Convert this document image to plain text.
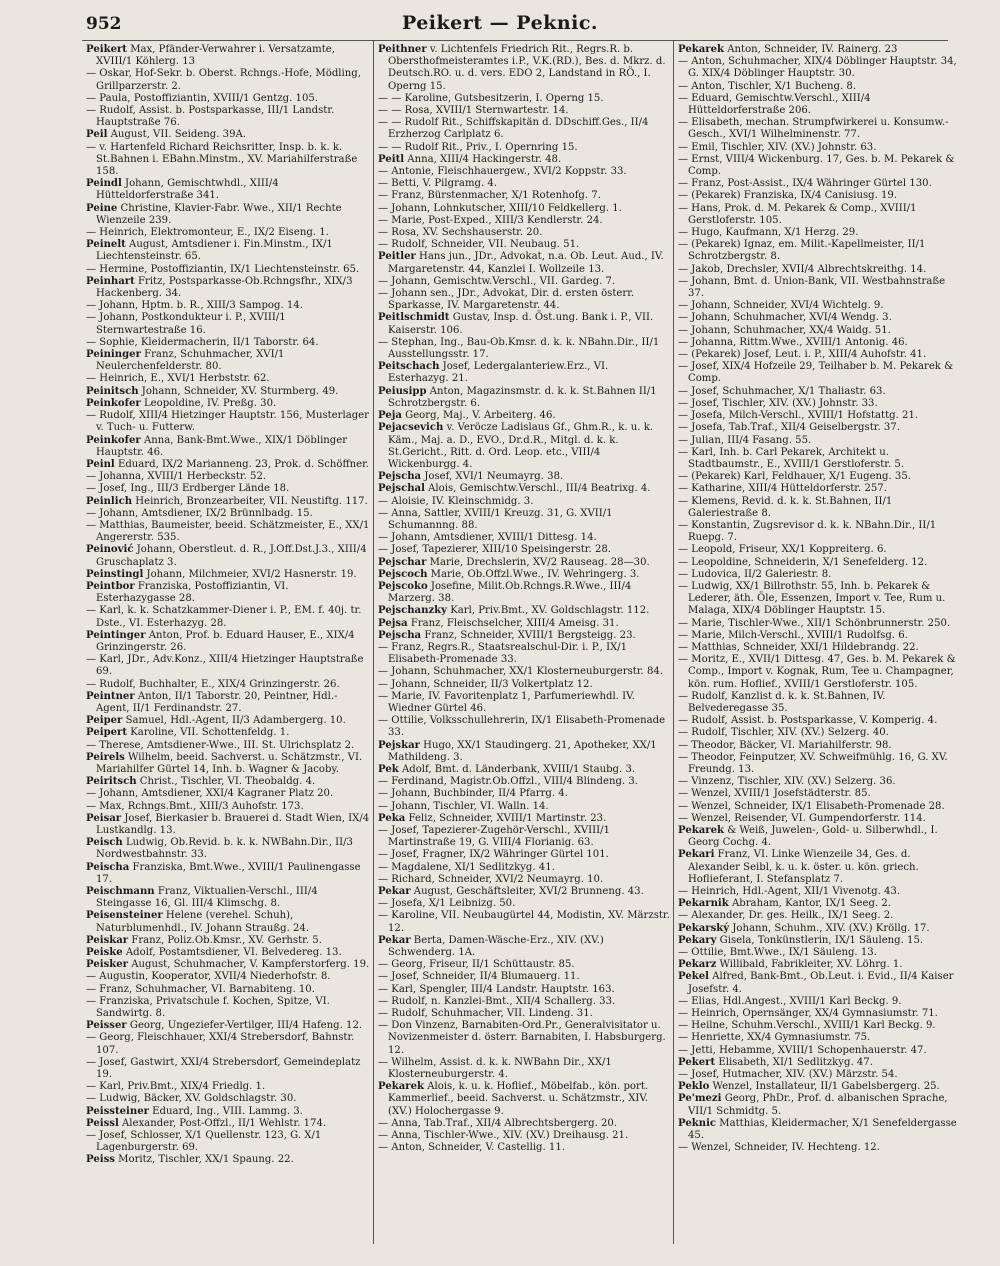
952	Peikert — Peknic.

Peikert Max, Pfänder-Verwahrer i. Versatzamte, XVIII/1 Köhlerg. 13

— Oskar, Hof-Sekr. b. Oberst. Rchngs.-Hofe, Mödling, Grillparzerstr. 2.

— Paula, Postoffiziantin, XVIII/1 Gentzg. 105.

— Rudolf, Assist. b. Postsparkasse, III/1 Landstr. Hauptstraße 76.

Peil August, VII. Seideng. 39A.

— v. Hartenfeld Richard Reichsritter, Insp. b. k. k. St.Bahnen i. EBahn.Minstm., XV. Mariahilferstraße 158.

Peindl Johann, Gemischtwhdl., XIII/4 Hütteldorferstraße 341.

Peine Christine, Klavier-Fabr. Wwe., XII/1 Rechte Wienzeile 239.

— Heinrich, Elektromonteur, E., IX/2 Eiseng. 1.

Peinelt August, Amtsdiener i. Fin.Minstm., IX/1 Liechtensteinstr. 65.

— Hermine, Postoffiziantin, IX/1 Liechtensteinstr. 65.

Peinhart Fritz, Postsparkasse-Ob.Rchngsfhr., XIX/3 Hackenberg. 34.

— Johann, Hptm. b. R., XIII/3 Sampog. 14.

— Johann, Postkondukteur i. P., XVIII/1 Sternwartestraße 16.

— Sophie, Kleidermacherin, II/1 Taborstr. 64.

Peininger Franz, Schuhmacher, XVI/1 Neulerchenfelderstr. 80.

— Heinrich, E., XVI/1 Herbststr. 62.

Peinitsch Johann, Schneider, XV. Sturmberg. 49.

Peinkofer Leopoldine, IV. Preßg. 30.

— Rudolf, XIII/4 Hietzinger Hauptstr. 156, Musterlager v. Tuch- u. Futterw.

Peinkofer Anna, Bank-Bmt.Wwe., XIX/1 Döblinger Hauptstr. 46.

Peinl Eduard, IX/2 Marianneng. 23, Prok. d. Schöffner.

— Johanna, XVIII/1 Herbeckstr. 52.

— Josef, Ing., III/3 Erdberger Lände 18.

Peinlich Heinrich, Bronzearbeiter, VII. Neustiftg. 117.

— Johann, Amtsdiener, IX/2 Brünnlbadg. 15.

— Matthias, Baumeister, beeid. Schätzmeister, E., XX/1 Angererstr. 535.

Peinović Johann, Oberstleut. d. R., J.Off.Dst.J.3., XIII/4 Gruschaplatz 3.

Peinstingl Johann, Milchmeier, XVI/2 Hasnerstr. 19.

Peintbor Franziska, Postoffiziantin, VI. Esterhazygasse 28.

— Karl, k. k. Schatzkammer-Diener i. P., EM. f. 40j. tr. Dste., VI. Esterhazyg. 28.

Peintinger Anton, Prof. b. Eduard Hauser, E., XIX/4 Grinzingerstr. 26.

— Karl, JDr., Adv.Konz., XIII/4 Hietzinger Hauptstraße 69.

— Rudolf, Buchhalter, E., XIX/4 Grinzingerstr. 26.

Peintner Anton, II/1 Taborstr. 20, Peintner, Hdl.-Agent, II/1 Ferdinandstr. 27.

Peiper Samuel, Hdl.-Agent, II/3 Adambergerg. 10.

Peipert Karoline, VII. Schottenfeldg. 1.

— Therese, Amtsdiener-Wwe., III. St. Ulrichsplatz 2.

Peirels Wilhelm, beeid. Sachverst. u. Schätzmstr., VI. Mariahilfer Gürtel 14, Inh. b. Wagner & Jacoby.

Peiritsch Christ., Tischler, VI. Theobaldg. 4.

— Johann, Amtsdiener, XXI/4 Kagraner Platz 20.

— Max, Rchngs.Bmt., XIII/3 Auhofstr. 173.

Peisar Josef, Bierkasier b. Brauerei d. Stadt Wien, IX/4 Lustkandlg. 13.

Peisch Ludwig, Ob.Revid. b. k. k. NWBahn.Dir., II/3 Nordwestbahnstr. 33.

Peischa Franziska, Bmt.Wwe., XVIII/1 Paulinengasse 17.

Peischmann Franz, Viktualien-Verschl., III/4 Steingasse 16, Gl. III/4 Klimschg. 8.

Peisensteiner Helene (verehel. Schuh), Naturblumenhdl., IV. Johann Straußg. 24.

Peiskar Franz, Poliz.Ob.Kmsr., XV. Gerhstr. 5.

Peiske Adolf, Postamtsdiener, VI. Belvedereg. 13.

Peisker August, Schuhmacher, V. Kampferstorferg. 19.

— Augustin, Kooperator, XVII/4 Niederhofstr. 8.

— Franz, Schuhmacher, VI. Barnabiteng. 10.

— Franziska, Privatschule f. Kochen, Spitze, VI. Sandwirtg. 8.

Peisser Georg, Ungeziefer-Vertilger, III/4 Hafeng. 12.

— Georg, Fleischhauer, XXI/4 Strebersdorf, Bahnstr. 107.

— Josef, Gastwirt, XXI/4 Strebersdorf, Gemeindeplatz 19.

— Karl, Priv.Bmt., XIX/4 Friedlg. 1.

— Ludwig, Bäcker, XV. Goldschlagstr. 30.

Peissteiner Eduard, Ing., VIII. Lammg. 3.

Peissl Alexander, Post-Offzl., II/1 Wehlstr. 174.

— Josef, Schlosser, X/1 Quellenstr. 123, G. X/1 Lagenburgerstr. 69.

Peiss Moritz, Tischler, XX/1 Spaung. 22.

Peithner v. Lichtenfels Friedrich Rit., Regrs.R. b. Obersthofmeisteramtes i.P., V.K.(RD.), Bes. d. Mkrz. d. Deutsch.RO. u. d. vers. EDO 2, Landstand in RÖ., I. Operng 15.

— — Karoline, Gutsbesitzerin, I. Operng 15.

— — Rosa, XVIII/1 Sternwartestr. 14.

— — Rudolf Rit., Schiffskapitän d. DDschiff.Ges., II/4 Erzherzog Carlplatz 6.

— — Rudolf Rit., Priv., I. Opernring 15.

Peitl Anna, XIII/4 Hackingerstr. 48.

— Antonie, Fleischhauergew., XVI/2 Koppstr. 33.

— Betti, V. Pilgramg. 4.

— Franz, Bürstenmacher, X/1 Rotenhofg. 7.

— Johann, Lohnkutscher, XIII/10 Feldkellerg. 1.

— Marie, Post-Exped., XIII/3 Kendlerstr. 24.

— Rosa, XV. Sechshauserstr. 20.

— Rudolf, Schneider, VII. Neubaug. 51.

Peitler Hans jun., JDr., Advokat, n.a. Ob. Leut. Aud., IV. Margaretenstr. 44, Kanzlei I. Wollzeile 13.

— Johann, Gemischtw.Verschl., VII. Gardeg. 7.

— Johann sen., JDr., Advokat, Dir. d. ersten österr. Sparkasse, IV. Margaretenstr. 44.

Peitlschmidt Gustav, Insp. d. Öst.ung. Bank i. P., VII. Kaiserstr. 106.

— Stephan, Ing., Bau-Ob.Kmsr. d. k. k. NBahn.Dir., II/1 Ausstellungsstr. 17.

Peitschach Josef, Ledergalanteriew.Erz., VI. Esterhazyg. 21.

Peiusipp Anton, Magazinsmstr. d. k. k. St.Bahnen II/1 Schrotzbergstr. 6.

Peja Georg, Maj., V. Arbeiterg. 46.

Pejacsevich v. Veröcze Ladislaus Gf., Ghm.R., k. u. k. Käm., Maj. a. D., EVO., Dr.d.R., Mitgl. d. k. k. St.Gericht., Ritt. d. Ord. Leop. etc., VIII/4 Wickenburgg. 4.

Pejscha Josef, XVI/1 Neumayrg. 38.

Pejschal Alois, Gemischtw.Verschl., III/4 Beatrixg. 4.

— Aloisie, IV. Kleinschmidg. 3.

— Anna, Sattler, XVIII/1 Kreuzg. 31, G. XVII/1 Schumannng. 88.

— Johann, Amtsdiener, XVIII/1 Dittesg. 14.

— Josef, Tapezierer, XIII/10 Speisingerstr. 28.

Pejschar Marie, Drechslerin, XV/2 Rauseag. 28—30.

Pejscoch Marie, Ob.Offzl.Wwe., IV. Wehringerg. 3.

Pejscoko Josefine, Milit.Ob.Rchngs.R.Wwe., III/4 Marzerg. 38.

Pejschanzky Karl, Priv.Bmt., XV. Goldschlagstr. 112.

Pejsa Franz, Fleischselcher, XIII/4 Ameisg. 31.

Pejscha Franz, Schneider, XVIII/1 Bergsteigg. 23.

— Franz, Regrs.R., Staatsrealschul-Dir. i. P., IX/1 Elisabeth-Promenade 33.

— Johann, Schuhmacher, XX/1 Klosterneuburgerstr. 84.

— Johann, Schneider, II/3 Volkertplatz 12.

— Marie, IV. Favoritenplatz 1, Parfumeriewhdl. IV. Wiedner Gürtel 46.

— Ottilie, Volksschullehrerin, IX/1 Elisabeth-Promenade 33.

Pejskar Hugo, XX/1 Staudingerg. 21, Apotheker, XX/1 Mathildeng. 3.

Pek Adolf, Bmt. d. Länderbank, XVIII/1 Staubg. 3.

— Ferdinand, Magistr.Ob.Offzl., VIII/4 Blindeng. 3.

— Johann, Buchbinder, II/4 Pfarrg. 4.

— Johann, Tischler, VI. Walln. 14.

Peka Feliz, Schneider, XVIII/1 Martinstr. 23.

— Josef, Tapezierer-Zugehör-Verschl., XVIII/1 Martinstraße 19, G. VIII/4 Florianig. 63.

— Josef, Fragner, IX/2 Währinger Gürtel 101.

— Magdalene, XI/1 Sedlitzkyg. 41.

— Richard, Schneider, XVI/2 Neumayrg. 10.

Pekar August, Geschäftsleiter, XVI/2 Brunneng. 43.

— Josefa, X/1 Leibnizg. 50.

— Karoline, VII. Neubaugürtel 44, Modistin, XV. Märzstr. 12.

Pekar Berta, Damen-Wäsche-Erz., XIV. (XV.) Schwenderg. 1A.

— Georg, Friseur, II/1 Schüttaustr. 85.

— Josef, Schneider, II/4 Blumauerg. 11.

— Karl, Spengler, III/4 Landstr. Hauptstr. 163.

— Rudolf, n. Kanzlei-Bmt., XII/4 Schallerg. 33.

— Rudolf, Schuhmacher, VII. Lindeng. 31.

— Don Vinzenz, Barnabiten-Ord.Pr., Generalvisitator u. Novizenmeister d. österr. Barnabiten, I. Habsburgerg. 12.

— Wilhelm, Assist. d. k. k. NWBahn Dir., XX/1 Klosterneuburgerstr. 4.

Pekarek Alois, k. u. k. Hoflief., Möbelfab., kön. port. Kammerlief., beeid. Sachverst. u. Schätzmstr., XIV. (XV.) Holochergasse 9.

— Anna, Tab.Traf., XII/4 Albrechtsbergerg. 20.

— Anna, Tischler-Wwe., XIV. (XV.) Dreihausg. 21.

— Anton, Schneider, V. Castellig. 11.

Pekarek Anton, Schneider, IV. Rainerg. 23

— Anton, Schuhmacher, XIX/4 Döblinger Hauptstr. 34, G. XIX/4 Döblinger Hauptstr. 30.

— Anton, Tischler, X/1 Bucheng. 8.

— Eduard, Gemischtw.Verschl., XIII/4 Hütteldorferstraße 206.

— Elisabeth, mechan. Strumpfwirkerei u. Konsumw.-Gesch., XVI/1 Wilhelminenstr. 77.

— Emil, Tischler, XIV. (XV.) Johnstr. 63.

— Ernst, VIII/4 Wickenburg. 17, Ges. b. M. Pekarek & Comp.

— Franz, Post-Assist., IX/4 Währinger Gürtel 130.

— (Pekarek) Franziska, IX/4 Canisiusg. 19.

— Hans, Prok. d. M. Pekarek & Comp., XVIII/1 Gerstloferstr. 105.

— Hugo, Kaufmann, X/1 Herzg. 29.

— (Pekarek) Ignaz, em. Milit.-Kapellmeister, II/1 Schrotzbergstr. 8.

— Jakob, Drechsler, XVII/4 Albrechtskreithg. 14.

— Johann, Bmt. d. Union-Bank, VII. Westbahnstraße 37.

— Johann, Schneider, XVI/4 Wichtelg. 9.

— Johann, Schuhmacher, XVI/4 Wendg. 3.

— Johann, Schuhmacher, XX/4 Waidg. 51.

— Johanna, Rittm.Wwe., XVIII/1 Antonig. 46.

— (Pekarek) Josef, Leut. i. P., XIII/4 Auhofstr. 41.

— Josef, XIX/4 Hofzeile 29, Teilhaber b. M. Pekarek & Comp.

— Josef, Schuhmacher, X/1 Thaliastr. 63.

— Josef, Tischler, XIV. (XV.) Johnstr. 33.

— Josefa, Milch-Verschl., XVIII/1 Hofstattg. 21.

— Josefa, Tab.Traf., XII/4 Geiselbergstr. 37.

— Julian, III/4 Fasang. 55.

— Karl, Inh. b. Carl Pekarek, Architekt u. Stadtbaumstr., E., XVIII/1 Gerstloferstr. 5.

— (Pekarek) Karl, Feldhauer, X/1 Eugeng. 35.

— Katharine, XIII/4 Hütteldorferstr. 257.

— Klemens, Revid. d. k. k. St.Bahnen, II/1 Galeriestraße 8.

— Konstantin, Zugsrevisor d. k. k. NBahn.Dir., II/1 Ruepg. 7.

— Leopold, Friseur, XX/1 Koppreiterg. 6.

— Leopoldine, Schneiderin, X/1 Senefelderg. 12.

— Ludovica, II/2 Galeriestr. 8.

— Ludwig, XX/1 Billrothstr. 55, Inh. b. Pekarek & Lederer, äth. Öle, Essenzen, Import v. Tee, Rum u. Malaga, XIX/4 Döblinger Hauptstr. 15.

— Marie, Tischler-Wwe., XII/1 Schönbrunnerstr. 250.

— Marie, Milch-Verschl., XVIII/1 Rudolfsg. 6.

— Matthias, Schneider, XXI/1 Hildebrandg. 22.

— Moritz, E., XVII/1 Dittesg. 47, Ges. b. M. Pekarek & Comp., Import v. Kognak, Rum, Tee u. Champagner, kön. rum. Hoflief., XVIII/1 Gerstloferstr. 105.

— Rudolf, Kanzlist d. k. k. St.Bahnen, IV. Belvederegasse 35.

— Rudolf, Assist. b. Postsparkasse, V. Komperig. 4.

— Rudolf, Tischler, XIV. (XV.) Selzerg. 40.

— Theodor, Bäcker, VI. Mariahilferstr. 98.

— Theodor, Feinputzer, XV. Schweifmühlg. 16, G. XV. Freundg. 13.

— Vinzenz, Tischler, XIV. (XV.) Selzerg. 36.

— Wenzel, XVIII/1 Josefstädterstr. 85.

— Wenzel, Schneider, IX/1 Elisabeth-Promenade 28.

— Wenzel, Reisender, VI. Gumpendorferstr. 114.

Pekarek & Weiß, Juwelen-, Gold- u. Silberwhdl., I. Georg Cochg. 4.

Pekari Franz, VI. Linke Wienzeile 34, Ges. d. Alexander Seibl, k. u. k. öster. u. kön. griech. Hoflieferant, I. Stefansplatz 7.

— Heinrich, Hdl.-Agent, XII/1 Vivenotg. 43.

Pekarnik Abraham, Kantor, IX/1 Seeg. 2.

— Alexander, Dr. ges. Heilk., IX/1 Seeg. 2.

Pekarský Johann, Schuhm., XIV. (XV.) Kröllg. 17.

Pekary Gisela, Tonkünstlerin, IX/1 Säuleng. 15.

— Ottilie, Bmt.Wwe., IX/1 Säuleng. 13.

Pekarz Willibald, Fabrikleiter, XV. Löhrg. 1.

Pekel Alfred, Bank-Bmt., Ob.Leut. i. Evid., II/4 Kaiser Josefstr. 4.

— Elias, Hdl.Angest., XVIII/1 Karl Beckg. 9.

— Heinrich, Opernsänger, XX/4 Gymnasiumstr. 71.

— Heilne, Schuhm.Verschl., XVIII/1 Karl Beckg. 9.

— Henriette, XX/4 Gymnasiumstr. 75.

— Jetti, Hebamme, XVIII/1 Schopenhauerstr. 47.

Pekert Elisabeth, XI/1 Sedlitzkyg. 47.

— Josef, Hutmacher, XIV. (XV.) Märzstr. 54.

Peklo Wenzel, Installateur, II/1 Gabelsbergerg. 25.

Pe'mezi Georg, PhDr., Prof. d. albanischen Sprache, VII/1 Schmidtg. 5.

Peknic Matthias, Kleidermacher, X/1 Senefeldergasse 45.

— Wenzel, Schneider, IV. Hechteng. 12.
